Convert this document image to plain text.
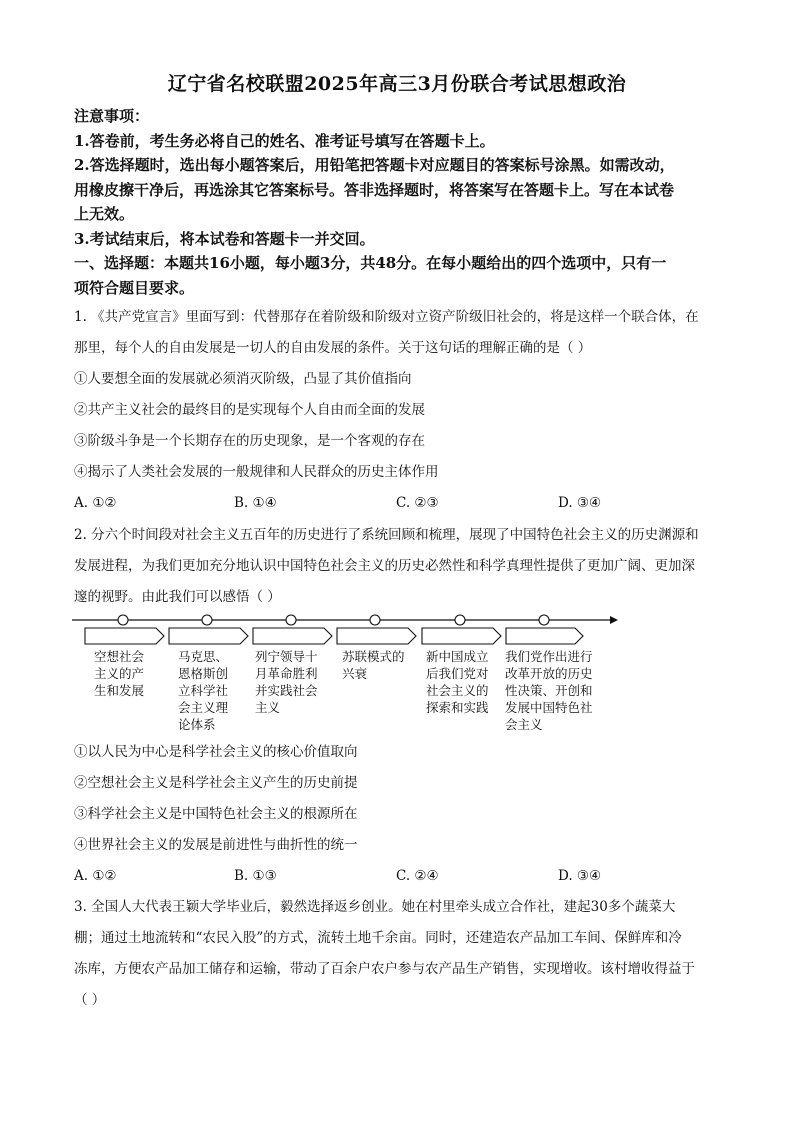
辽宁省名校联盟2025年高三3月份联合考试思想政治
注意事项：
1.答卷前，考生务必将自己的姓名、准考证号填写在答题卡上。
2.答选择题时，选出每小题答案后，用铅笔把答题卡对应题目的答案标号涂黑。如需改动，
用橡皮擦干净后，再选涂其它答案标号。答非选择题时，将答案写在答题卡上。写在本试卷
上无效。
3.考试结束后，将本试卷和答题卡一并交回。
一、选择题：本题共16小题，每小题3分，共48分。在每小题给出的四个选项中，只有一
项符合题目要求。
1. 《共产党宣言》里面写到：代替那存在着阶级和阶级对立资产阶级旧社会的，将是这样一个联合体，在
那里，每个人的自由发展是一切人的自由发展的条件。关于这句话的理解正确的是（ ）
①人要想全面的发展就必须消灭阶级，凸显了其价值指向
②共产主义社会的最终目的是实现每个人自由而全面的发展
③阶级斗争是一个长期存在的历史现象，是一个客观的存在
④揭示了人类社会发展的一般规律和人民群众的历史主体作用
A. ①②	B. ①④	C. ②③	D. ③④
2. 分六个时间段对社会主义五百年的历史进行了系统回顾和梳理，展现了中国特色社会主义的历史渊源和
发展进程，为我们更加充分地认识中国特色社会主义的历史必然性和科学真理性提供了更加广阔、更加深
邃的视野。由此我们可以感悟（ ）
空想社会
主义的产
生和发展
马克思、
恩格斯创
立科学社
会主义理
论体系
列宁领导十
月革命胜利
并实践社会
主义
苏联模式的
兴衰
新中国成立
后我们党对
社会主义的
探索和实践
我们党作出进行
改革开放的历史
性决策、开创和
发展中国特色社
会主义
①以人民为中心是科学社会主义的核心价值取向
②空想社会主义是科学社会主义产生的历史前提
③科学社会主义是中国特色社会主义的根源所在
④世界社会主义的发展是前进性与曲折性的统一
A. ①②	B. ①③	C. ②④	D. ③④
3. 全国人大代表王颖大学毕业后，毅然选择返乡创业。她在村里牵头成立合作社，建起30多个蔬菜大
棚；通过土地流转和“农民入股”的方式，流转土地千余亩。同时，还建造农产品加工车间、保鲜库和冷
冻库，方便农产品加工储存和运输，带动了百余户农户参与农产品生产销售，实现增收。该村增收得益于
（ ）
